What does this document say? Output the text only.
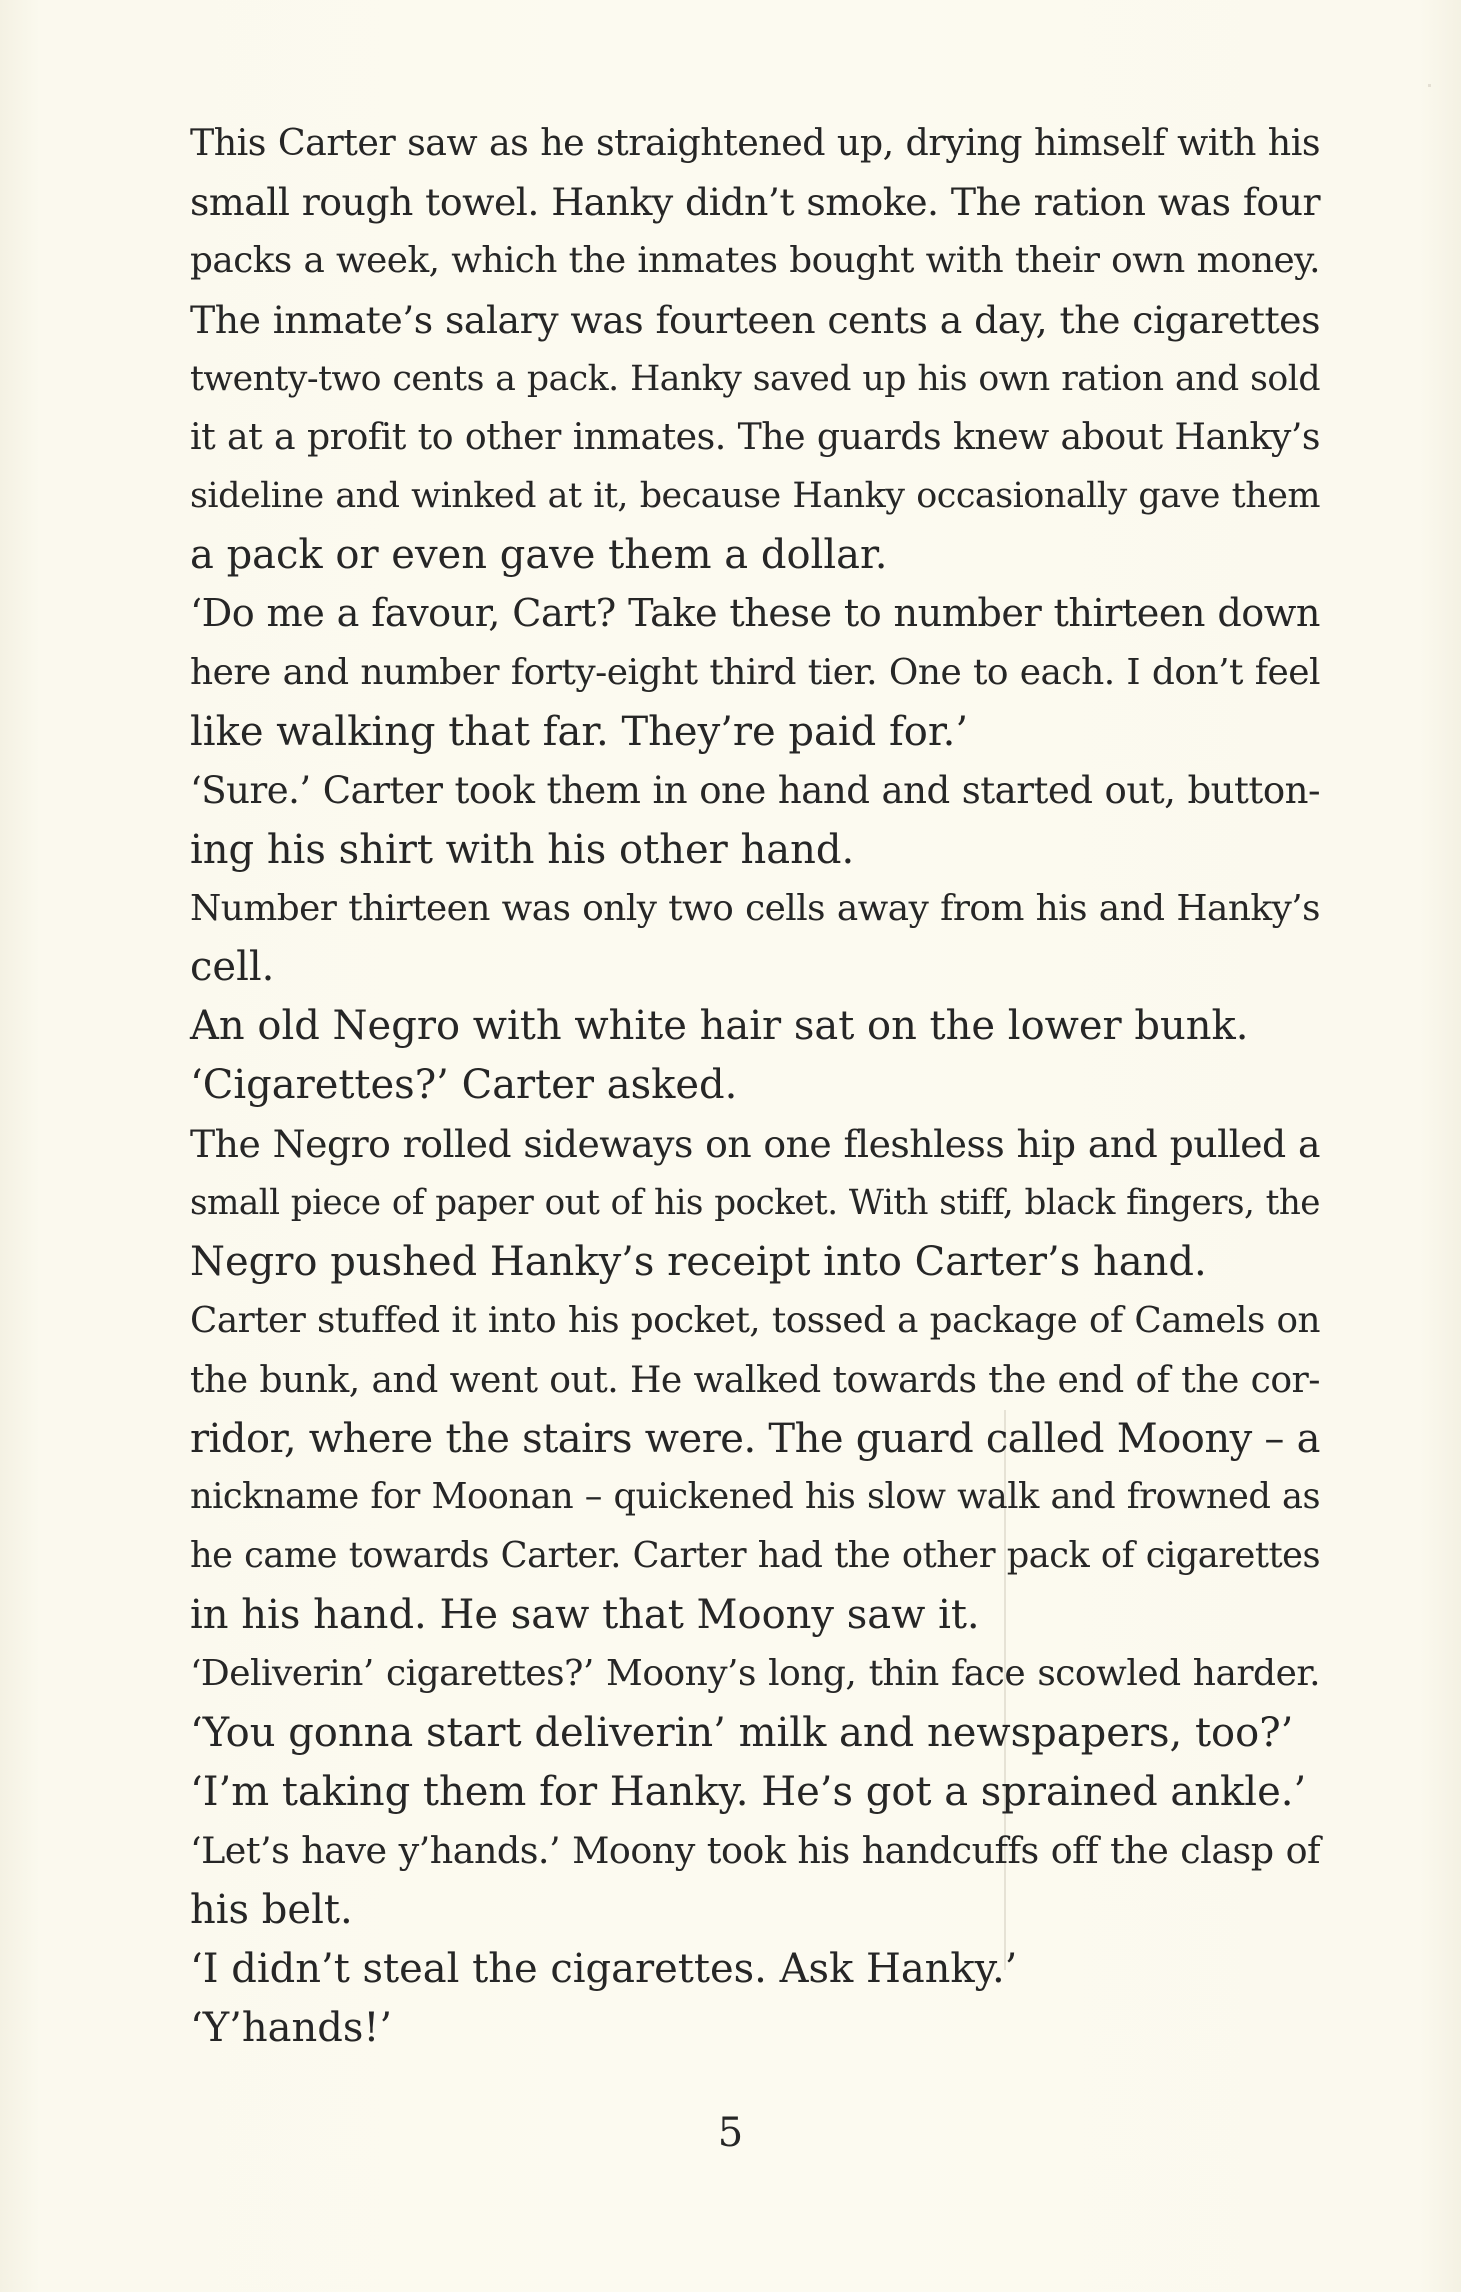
This Carter saw as he straightened up, drying himself with his
small rough towel. Hanky didn’t smoke. The ration was four
packs a week, which the inmates bought with their own money.
The inmate’s salary was fourteen cents a day, the cigarettes
twenty-two cents a pack. Hanky saved up his own ration and sold
it at a profit to other inmates. The guards knew about Hanky’s
sideline and winked at it, because Hanky occasionally gave them
a pack or even gave them a dollar.
‘Do me a favour, Cart? Take these to number thirteen down
here and number forty-eight third tier. One to each. I don’t feel
like walking that far. They’re paid for.’
‘Sure.’ Carter took them in one hand and started out, button-
ing his shirt with his other hand.
Number thirteen was only two cells away from his and Hanky’s
cell.
An old Negro with white hair sat on the lower bunk.
‘Cigarettes?’ Carter asked.
The Negro rolled sideways on one fleshless hip and pulled a
small piece of paper out of his pocket. With stiff, black fingers, the
Negro pushed Hanky’s receipt into Carter’s hand.
Carter stuffed it into his pocket, tossed a package of Camels on
the bunk, and went out. He walked towards the end of the cor-
ridor, where the stairs were. The guard called Moony – a
nickname for Moonan – quickened his slow walk and frowned as
he came towards Carter. Carter had the other pack of cigarettes
in his hand. He saw that Moony saw it.
‘Deliverin’ cigarettes?’ Moony’s long, thin face scowled harder.
‘You gonna start deliverin’ milk and newspapers, too?’
‘I’m taking them for Hanky. He’s got a sprained ankle.’
‘Let’s have y’hands.’ Moony took his handcuffs off the clasp of
his belt.
‘I didn’t steal the cigarettes. Ask Hanky.’
‘Y’hands!’
5
